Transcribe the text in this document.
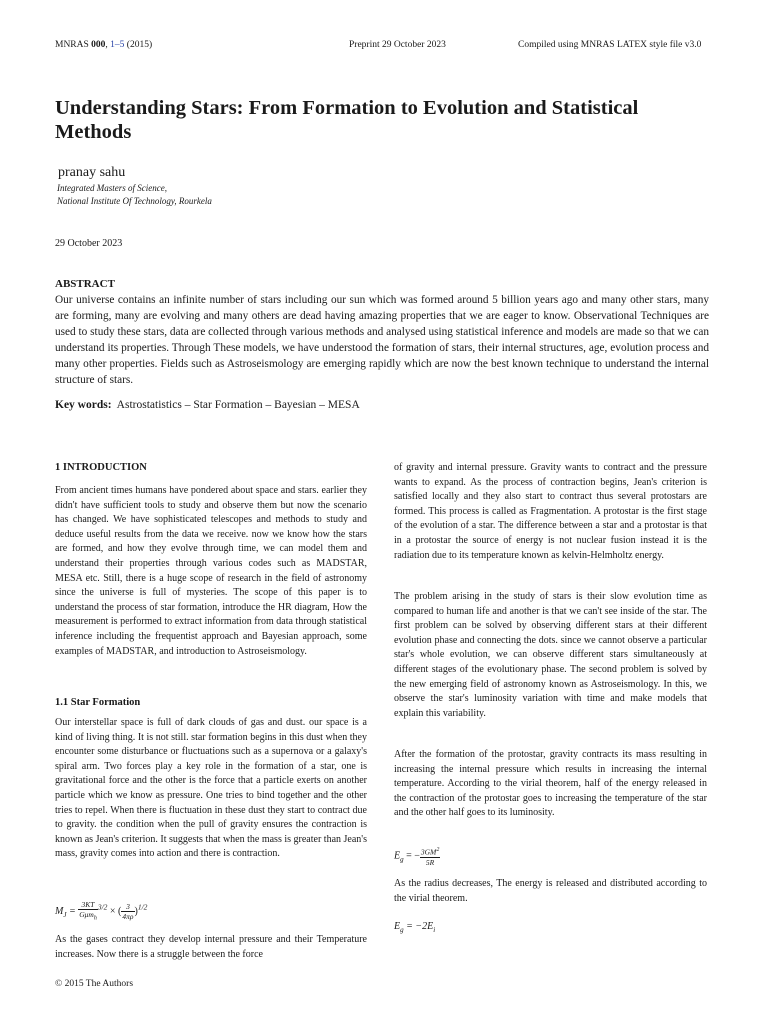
MNRAS 000, 1–5 (2015)	Preprint 29 October 2023	Compiled using MNRAS LATEX style file v3.0
Understanding Stars: From Formation to Evolution and Statistical Methods
pranay sahu
Integrated Masters of Science,
National Institute Of Technology, Rourkela
29 October 2023
ABSTRACT
Our universe contains an infinite number of stars including our sun which was formed around 5 billion years ago and many other stars, many are forming, many are evolving and many others are dead having amazing properties that we are eager to know. Observational Techniques are used to study these stars, data are collected through various methods and analysed using statistical inference and models are made so that we can understand its properties. Through These models, we have understood the formation of stars, their internal structures, age, evolution process and many other properties. Fields such as Astroseismology are emerging rapidly which are now the best known technique to understand the internal structure of stars.
Key words: Astrostatistics – Star Formation – Bayesian – MESA
1 INTRODUCTION

From ancient times humans have pondered about space and stars. earlier they didn't have sufficient tools to study and observe them but now the scenario has changed. We have sophisticated telescopes and methods to study and deduce useful results from the data we receive. now we know how the stars are formed, and how they evolve through time, we can model them and understand their properties through various codes such as MADSTAR, MESA etc. Still, there is a huge scope of research in the field of astronomy since the universe is full of mysteries. The scope of this paper is to understand the process of star formation, introduce the HR diagram, How the measurement is performed to extract information from data through statistical inference including the frequentist approach and Bayesian approach, some examples of MADSTAR, and introduction to Astroseismology.

1.1 Star Formation

Our interstellar space is full of dark clouds of gas and dust. our space is a kind of living thing. It is not still. star formation begins in this dust when they encounter some disturbance or fluctuations such as a supernova or a galaxy's spiral arm. Two forces play a key role in the formation of a star, one is gravitational force and the other is the force that a particle exerts on another particle which we know as pressure. One tries to bind together and the other tries to repel. When there is fluctuation in these dust they start to contract due to gravity. the condition when the pull of gravity ensures the contraction is known as Jean's criterion. It suggests that when the mass is greater than Jean's mass, gravity comes into action and there is contraction.

$M_J = \frac{3KT}{G\mu m_h} ^{3/2}$ × ( $\frac{3}{4\pi\rho} )^{1/2}$

As the gases contract they develop internal pressure and their Temperature increases. Now there is a struggle between the force

of gravity and internal pressure. Gravity wants to contract and the pressure wants to expand. As the process of contraction begins, Jean's criterion is satisfied locally and they also start to contract thus several protostars are formed. This process is called as Fragmentation. A protostar is the first stage of the evolution of a star. The difference between a star and a protostar is that in a protostar the source of energy is not nuclear fusion instead it is the radiation due to its temperature known as kelvin-Helmholtz energy.

The problem arising in the study of stars is their slow evolution time as compared to human life and another is that we can't see inside of the star. The first problem can be solved by observing different stars at their different evolution phase and connecting the dots. since we cannot observe a particular star's whole evolution, we can observe different stars simultaneously at different stages of the evolutionary phase. The second problem is solved by the new emerging field of astronomy known as Astroseismology. In this, we observe the star's luminosity variation with time and make models that explain this variability.

After the formation of the protostar, gravity contracts its mass resulting in increasing the internal pressure which results in increasing the internal temperature. According to the virial theorem, half of the energy released in the contraction of the protostar goes to increasing the temperature of the star and the other half goes to its luminosity.

$E_g$ = − $\frac{3GM^2}{5R}$

As the radius decreases, The energy is released and distributed according to the virial theorem.

$E_g = -2E_i$
© 2015 The Authors
